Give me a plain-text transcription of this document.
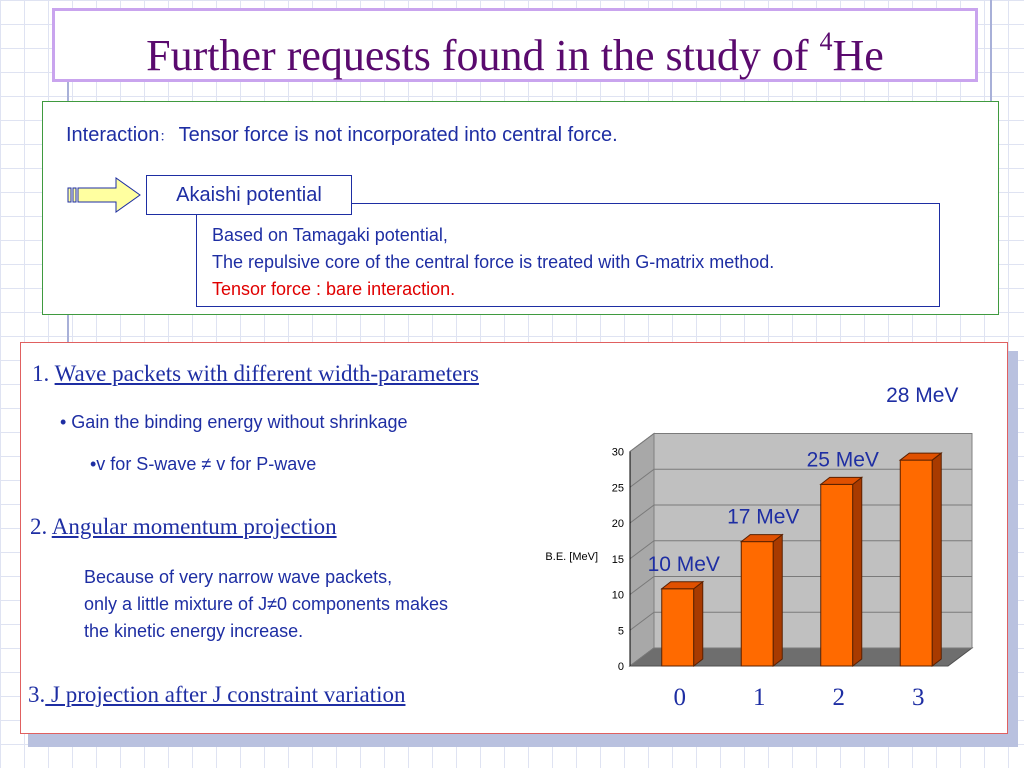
Further requests found in the study of $^4$He
Interaction： Tensor force is not incorporated into central force.
Based on Tamagaki potential,
The repulsive core of the central force is treated with G-matrix method.
Tensor force : bare interaction.
Akaishi potential
1. Wave packets with different width-parameters
• Gain the binding energy without shrinkage
•v for S-wave ≠ v for P-wave
2. Angular momentum projection
Because of very narrow wave packets,
only a little mixture of J≠0 components makes
the kinetic energy increase.
3. J projection after J constraint variation
0
5
10
15
20
25
30
B.E. [MeV]
0
10 MeV
1
17 MeV
2
25 MeV
3
28 MeV
